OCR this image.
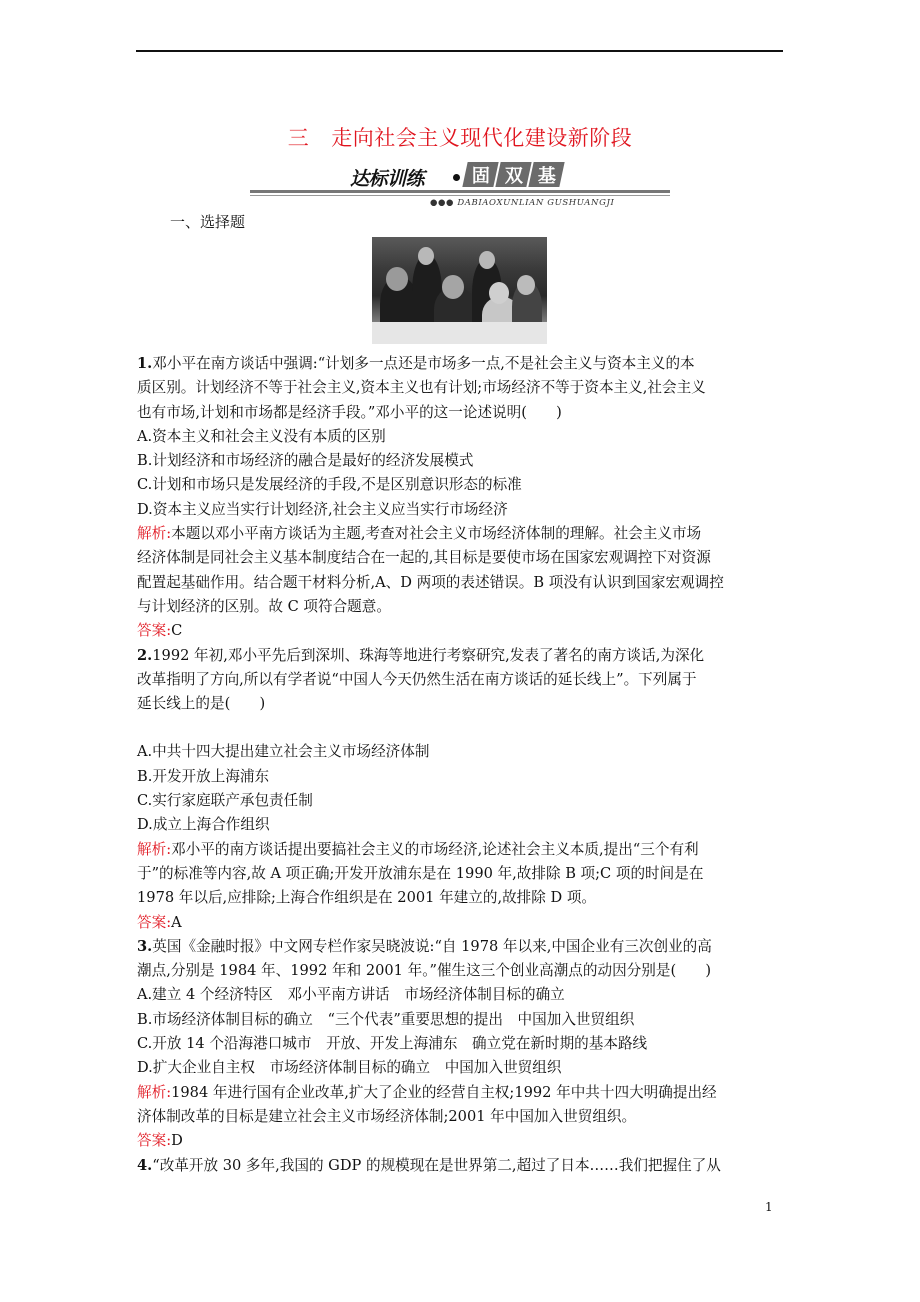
三 走向社会主义现代化建设新阶段
达标训练	固 双 基
●●● DABIAOXUNLIAN GUSHUANGJI
一、选择题

1.邓小平在南方谈话中强调:“计划多一点还是市场多一点,不是社会主义与资本主义的本

质区别。计划经济不等于社会主义,资本主义也有计划;市场经济不等于资本主义,社会主义

也有市场,计划和市场都是经济手段。”邓小平的这一论述说明(　　)

A.资本主义和社会主义没有本质的区别

B.计划经济和市场经济的融合是最好的经济发展模式

C.计划和市场只是发展经济的手段,不是区别意识形态的标准

D.资本主义应当实行计划经济,社会主义应当实行市场经济

解析:本题以邓小平南方谈话为主题,考查对社会主义市场经济体制的理解。社会主义市场

经济体制是同社会主义基本制度结合在一起的,其目标是要使市场在国家宏观调控下对资源

配置起基础作用。结合题干材料分析,A、D 两项的表述错误。B 项没有认识到国家宏观调控

与计划经济的区别。故 C 项符合题意。

答案:C

2.1992 年初,邓小平先后到深圳、珠海等地进行考察研究,发表了著名的南方谈话,为深化

改革指明了方向,所以有学者说“中国人今天仍然生活在南方谈话的延长线上”。下列属于

延长线上的是(　　)

A.中共十四大提出建立社会主义市场经济体制

B.开发开放上海浦东

C.实行家庭联产承包责任制

D.成立上海合作组织

解析:邓小平的南方谈话提出要搞社会主义的市场经济,论述社会主义本质,提出“三个有利

于”的标准等内容,故 A 项正确;开发开放浦东是在 1990 年,故排除 B 项;C 项的时间是在

1978 年以后,应排除;上海合作组织是在 2001 年建立的,故排除 D 项。

答案:A

3.英国《金融时报》中文网专栏作家吴晓波说:“自 1978 年以来,中国企业有三次创业的高

潮点,分别是 1984 年、1992 年和 2001 年。”催生这三个创业高潮点的动因分别是(　　)

A.建立 4 个经济特区　邓小平南方讲话　市场经济体制目标的确立

B.市场经济体制目标的确立　“三个代表”重要思想的提出　中国加入世贸组织

C.开放 14 个沿海港口城市　开放、开发上海浦东　确立党在新时期的基本路线

D.扩大企业自主权　市场经济体制目标的确立　中国加入世贸组织

解析:1984 年进行国有企业改革,扩大了企业的经营自主权;1992 年中共十四大明确提出经

济体制改革的目标是建立社会主义市场经济体制;2001 年中国加入世贸组织。

答案:D

4.“改革开放 30 多年,我国的 GDP 的规模现在是世界第二,超过了日本……我们把握住了从

1
